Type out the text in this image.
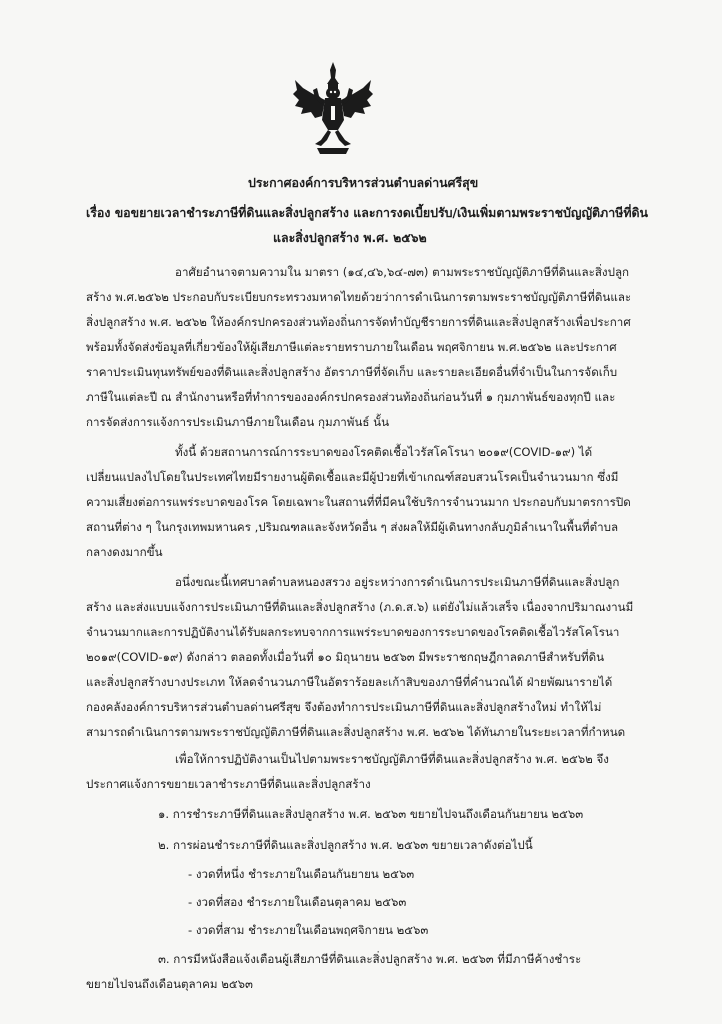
ประกาศองค์การบริหารส่วนตำบลด่านศรีสุข
เรื่อง ขอขยายเวลาชำระภาษีที่ดินและสิ่งปลูกสร้าง และการงดเบี้ยปรับ/เงินเพิ่มตามพระราชบัญญัติภาษีที่ดิน
และสิ่งปลูกสร้าง พ.ศ. ๒๕๖๒
อาศัยอำนาจตามความใน มาตรา (๑๔,๔๖,๖๔-๗๓) ตามพระราชบัญญัติภาษีที่ดินและสิ่งปลูก
สร้าง พ.ศ.๒๕๖๒ ประกอบกับระเบียบกระทรวงมหาดไทยด้วยว่าการดำเนินการตามพระราชบัญญัติภาษีที่ดินและ
สิ่งปลูกสร้าง พ.ศ. ๒๕๖๒ ให้องค์กรปกครองส่วนท้องถิ่นการจัดทำบัญชีรายการที่ดินและสิ่งปลูกสร้างเพื่อประกาศ
พร้อมทั้งจัดส่งข้อมูลที่เกี่ยวข้องให้ผู้เสียภาษีแต่ละรายทราบภายในเดือน พฤศจิกายน พ.ศ.๒๕๖๒ และประกาศ
ราคาประเมินทุนทรัพย์ของที่ดินและสิ่งปลูกสร้าง อัตราภาษีที่จัดเก็บ และรายละเอียดอื่นที่จำเป็นในการจัดเก็บ
ภาษีในแต่ละปี ณ สำนักงานหรือที่ทำการขององค์กรปกครองส่วนท้องถิ่นก่อนวันที่ ๑ กุมภาพันธ์ของทุกปี และ
การจัดส่งการแจ้งการประเมินภาษีภายในเดือน กุมภาพันธ์ นั้น
ทั้งนี้ ด้วยสถานการณ์การระบาดของโรคติดเชื้อไวรัสโคโรนา ๒๐๑๙(COVID-๑๙) ได้
เปลี่ยนแปลงไปโดยในประเทศไทยมีรายงานผู้ติดเชื้อและมีผู้ป่วยที่เข้าเกณฑ์สอบสวนโรคเป็นจำนวนมาก ซึ่งมี
ความเสี่ยงต่อการแพร่ระบาดของโรค โดยเฉพาะในสถานที่ที่มีคนใช้บริการจำนวนมาก ประกอบกับมาตรการปิด
สถานที่ต่าง ๆ ในกรุงเทพมหานคร ,ปริมณฑลและจังหวัดอื่น ๆ ส่งผลให้มีผู้เดินทางกลับภูมิลำเนาในพื้นที่ตำบล
กลางดงมากขึ้น
อนึ่งขณะนี้เทศบาลตำบลหนองสรวง อยู่ระหว่างการดำเนินการประเมินภาษีที่ดินและสิ่งปลูก
สร้าง และส่งแบบแจ้งการประเมินภาษีที่ดินและสิ่งปลูกสร้าง (ภ.ด.ส.๖) แต่ยังไม่แล้วเสร็จ เนื่องจากปริมาณงานมี
จำนวนมากและการปฏิบัติงานได้รับผลกระทบจากการแพร่ระบาดของการระบาดของโรคติดเชื้อไวรัสโคโรนา
๒๐๑๙(COVID-๑๙) ดังกล่าว ตลอดทั้งเมื่อวันที่ ๑๐ มิถุนายน ๒๕๖๓ มีพระราชกฤษฎีกาลดภาษีสำหรับที่ดิน
และสิ่งปลูกสร้างบางประเภท ให้ลดจำนวนภาษีในอัตราร้อยละเก้าสิบของภาษีที่คำนวณได้ ฝ่ายพัฒนารายได้
กองคลังองค์การบริหารส่วนตำบลด่านศรีสุข จึงต้องทำการประเมินภาษีที่ดินและสิ่งปลูกสร้างใหม่ ทำให้ไม่
สามารถดำเนินการตามพระราชบัญญัติภาษีที่ดินและสิ่งปลูกสร้าง พ.ศ. ๒๕๖๒ ได้ทันภายในระยะเวลาที่กำหนด
เพื่อให้การปฏิบัติงานเป็นไปตามพระราชบัญญัติภาษีที่ดินและสิ่งปลูกสร้าง พ.ศ. ๒๕๖๒ จึง
ประกาศแจ้งการขยายเวลาชำระภาษีที่ดินและสิ่งปลูกสร้าง
๑. การชำระภาษีที่ดินและสิ่งปลูกสร้าง พ.ศ. ๒๕๖๓ ขยายไปจนถึงเดือนกันยายน ๒๕๖๓
๒. การผ่อนชำระภาษีที่ดินและสิ่งปลูกสร้าง พ.ศ. ๒๕๖๓ ขยายเวลาดังต่อไปนี้
- งวดที่หนึ่ง ชำระภายในเดือนกันยายน ๒๕๖๓
- งวดที่สอง ชำระภายในเดือนตุลาคม ๒๕๖๓
- งวดที่สาม ชำระภายในเดือนพฤศจิกายน ๒๕๖๓
๓. การมีหนังสือแจ้งเตือนผู้เสียภาษีที่ดินและสิ่งปลูกสร้าง พ.ศ. ๒๕๖๓ ที่มีภาษีค้างชำระ
ขยายไปจนถึงเดือนตุลาคม ๒๕๖๓
